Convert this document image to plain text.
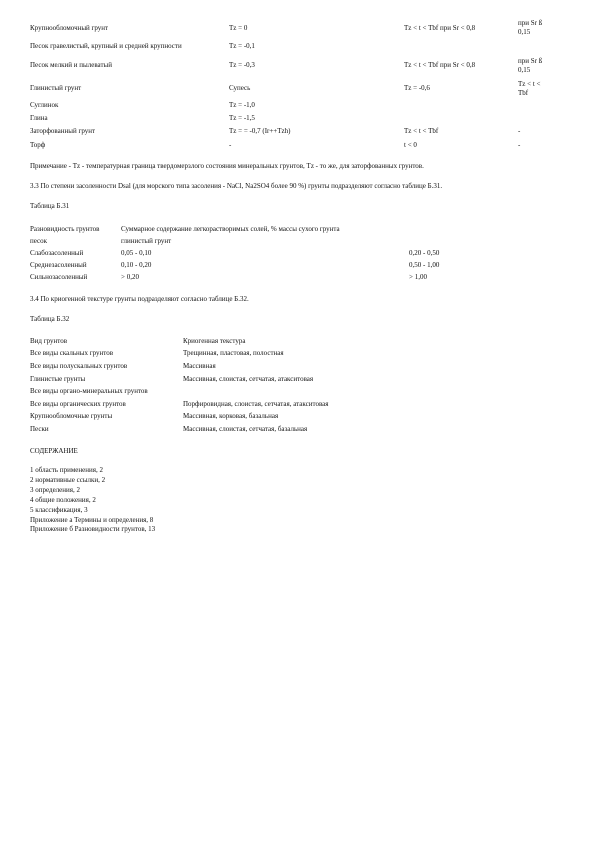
Крупнообломочный грунт	Tz = 0	Tz < t < Tbf при Sr < 0,8
при Sr ß
0,15
Песок гравелистый, крупный и средней крупности	Tz = -0,1
Песок мелкий и пылеватый	Tz = -0,3	Tz < t < Tbf при Sr < 0,8	при Sr ß
0,15
Глинистый грунт	Супесь	Tz = -0,6	Tz < t <
Tbf
Суглинок	Tz = -1,0
Глина	Tz = -1,5
Заторфованный грунт	Tz = = -0,7 (Ir++Tzh)	Tz < t < Tbf	-
Торф	-	t < 0	-
Примечание - Tz - температурная граница твердомерзлого состояния минеральных грунтов, Tz - то же, для заторфованных грунтов.
3.3 По степени засоленности Dsal (для морского типа засоления - NaCl, Na2SO4 более 90 %) грунты подразделяют согласно таблице Б.31.
Таблица Б.31
Разновидность грунтов	Суммарное содержание легкорастворимых солей, % массы сухого грунта
песок	глинистый грунт
Слабозасоленный	0,05 - 0,10	0,20 - 0,50
Среднезасоленный	0,10 - 0,20	0,50 - 1,00
Сильнозасоленный	> 0,20	> 1,00
3.4 По криогенной текстуре грунты подразделяют согласно таблице Б.32.
Таблица Б.32
Вид грунтов	Криогенная текстура
Все виды скальных грунтов	Трещинная, пластовая, полостная
Все виды полускальных грунтов	Массивная
Глинистые грунты	Массивная, слоистая, сетчатая, атакситовая
Все виды органо-минеральных грунтов
Все виды органических грунтов	Порфировидная, слоистая, сетчатая, атакситовая
Крупнообломочные грунты	Массивная, корковая, базальная
Пески	Массивная, слоистая, сетчатая, базальная
СОДЕРЖАНИЕ
1 область применения, 2
2 нормативные ссылки, 2
3 определения, 2
4 общие положения, 2
5 классификация, 3
Приложение а Термины и определения, 8
Приложение б Разновидности грунтов, 13
